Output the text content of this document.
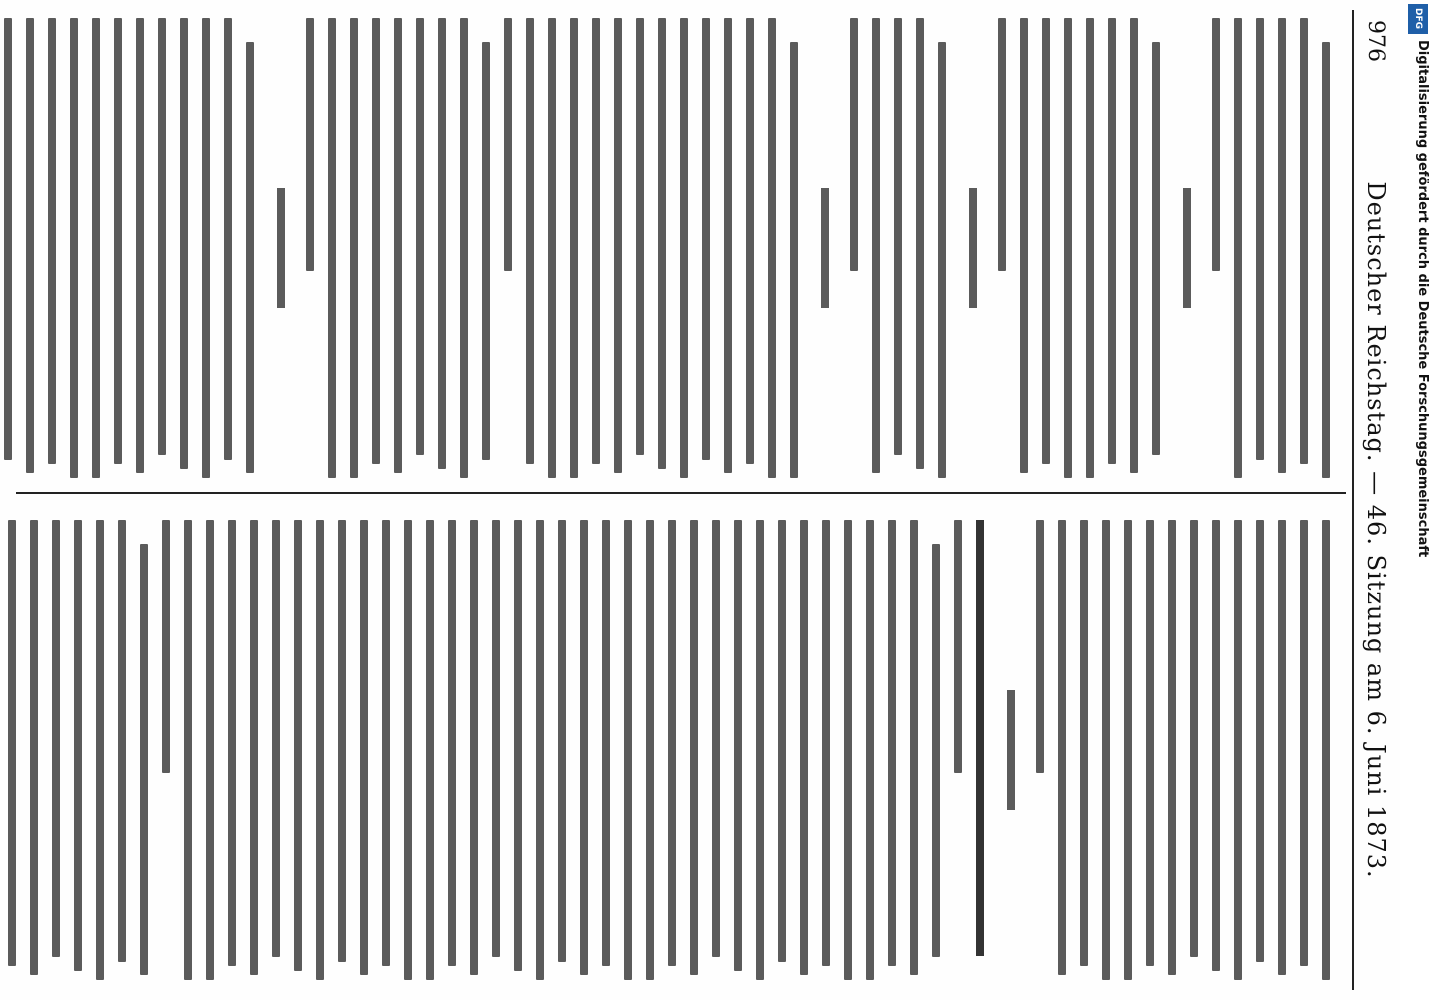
976
Deutscher Reichstag. — 46. Sitzung am 6. Juni 1873.
DFG
Digitalisierung gefördert durch die Deutsche Forschungsgemeinschaft
